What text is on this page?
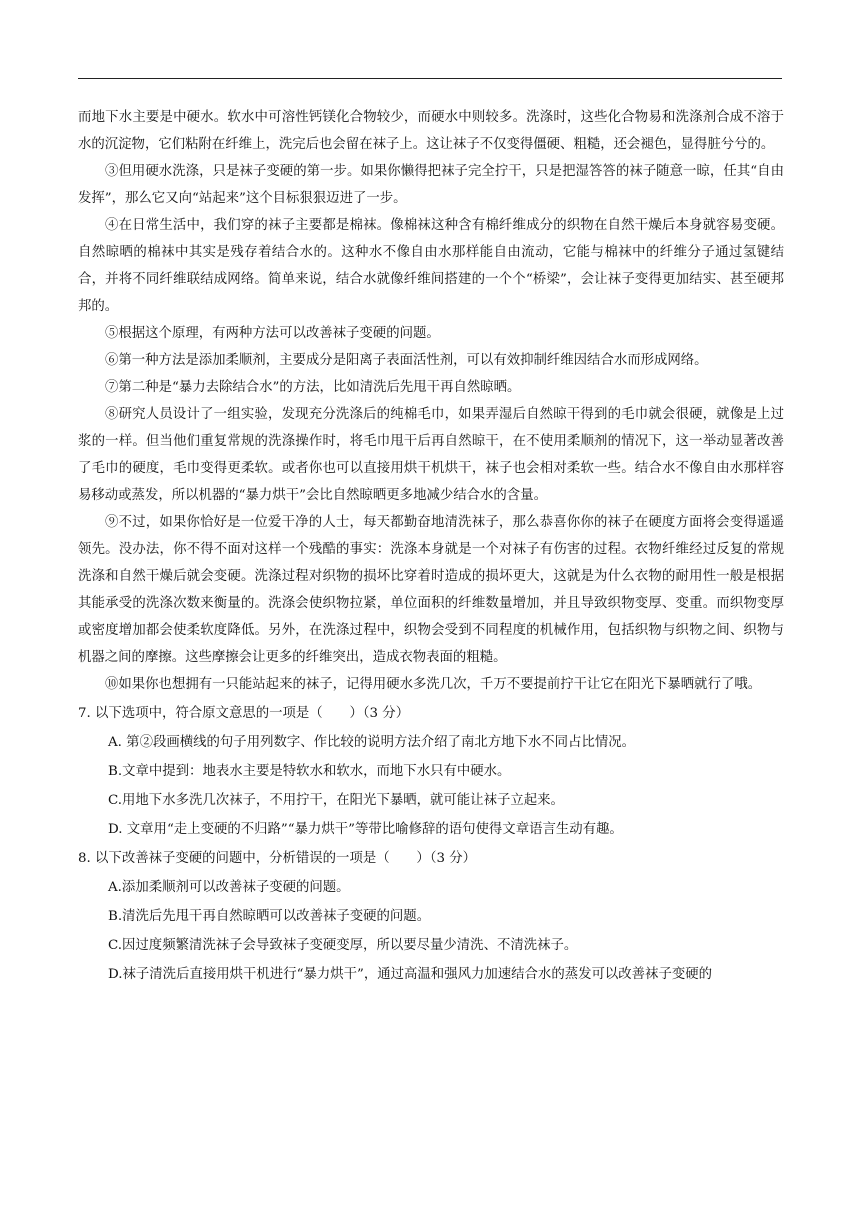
而地下水主要是中硬水。软水中可溶性钙镁化合物较少，而硬水中则较多。洗涤时，这些化合物易和洗涤剂合成不溶于水的沉淀物，它们粘附在纤维上，洗完后也会留在袜子上。这让袜子不仅变得僵硬、粗糙，还会褪色，显得脏兮兮的。

③但用硬水洗涤，只是袜子变硬的第一步。如果你懒得把袜子完全拧干，只是把湿答答的袜子随意一晾，任其“自由发挥”，那么它又向“站起来”这个目标狠狠迈进了一步。

④在日常生活中，我们穿的袜子主要都是棉袜。像棉袜这种含有棉纤维成分的织物在自然干燥后本身就容易变硬。自然晾晒的棉袜中其实是残存着结合水的。这种水不像自由水那样能自由流动，它能与棉袜中的纤维分子通过氢键结合，并将不同纤维联结成网络。简单来说，结合水就像纤维间搭建的一个个“桥梁”，会让袜子变得更加结实、甚至硬邦邦的。

⑤根据这个原理，有两种方法可以改善袜子变硬的问题。

⑥第一种方法是添加柔顺剂，主要成分是阳离子表面活性剂，可以有效抑制纤维因结合水而形成网络。

⑦第二种是“暴力去除结合水”的方法，比如清洗后先甩干再自然晾晒。

⑧研究人员设计了一组实验，发现充分洗涤后的纯棉毛巾，如果弄湿后自然晾干得到的毛巾就会很硬，就像是上过浆的一样。但当他们重复常规的洗涤操作时，将毛巾甩干后再自然晾干，在不使用柔顺剂的情况下，这一举动显著改善了毛巾的硬度，毛巾变得更柔软。或者你也可以直接用烘干机烘干，袜子也会相对柔软一些。结合水不像自由水那样容易移动或蒸发，所以机器的“暴力烘干”会比自然晾晒更多地减少结合水的含量。

⑨不过，如果你恰好是一位爱干净的人士，每天都勤奋地清洗袜子，那么恭喜你你的袜子在硬度方面将会变得遥遥领先。没办法，你不得不面对这样一个残酷的事实：洗涤本身就是一个对袜子有伤害的过程。衣物纤维经过反复的常规洗涤和自然干燥后就会变硬。洗涤过程对织物的损坏比穿着时造成的损坏更大，这就是为什么衣物的耐用性一般是根据其能承受的洗涤次数来衡量的。洗涤会使织物拉紧，单位面积的纤维数量增加，并且导致织物变厚、变重。而织物变厚或密度增加都会使柔软度降低。另外，在洗涤过程中，织物会受到不同程度的机械作用，包括织物与织物之间、织物与机器之间的摩擦。这些摩擦会让更多的纤维突出，造成衣物表面的粗糙。

⑩如果你也想拥有一只能站起来的袜子，记得用硬水多洗几次，千万不要提前拧干让它在阳光下暴晒就行了哦。

7. 以下选项中，符合原文意思的一项是（　　）（3 分）

A. 第②段画横线的句子用列数字、作比较的说明方法介绍了南北方地下水不同占比情况。

B.文章中提到：地表水主要是特软水和软水，而地下水只有中硬水。

C.用地下水多洗几次袜子，不用拧干，在阳光下暴晒，就可能让袜子立起来。

D. 文章用“走上变硬的不归路”“暴力烘干”等带比喻修辞的语句使得文章语言生动有趣。

8. 以下改善袜子变硬的问题中，分析错误的一项是（　　）（3 分）

A.添加柔顺剂可以改善袜子变硬的问题。

B.清洗后先甩干再自然晾晒可以改善袜子变硬的问题。

C.因过度频繁清洗袜子会导致袜子变硬变厚，所以要尽量少清洗、不清洗袜子。

D.袜子清洗后直接用烘干机进行“暴力烘干”，通过高温和强风力加速结合水的蒸发可以改善袜子变硬的
